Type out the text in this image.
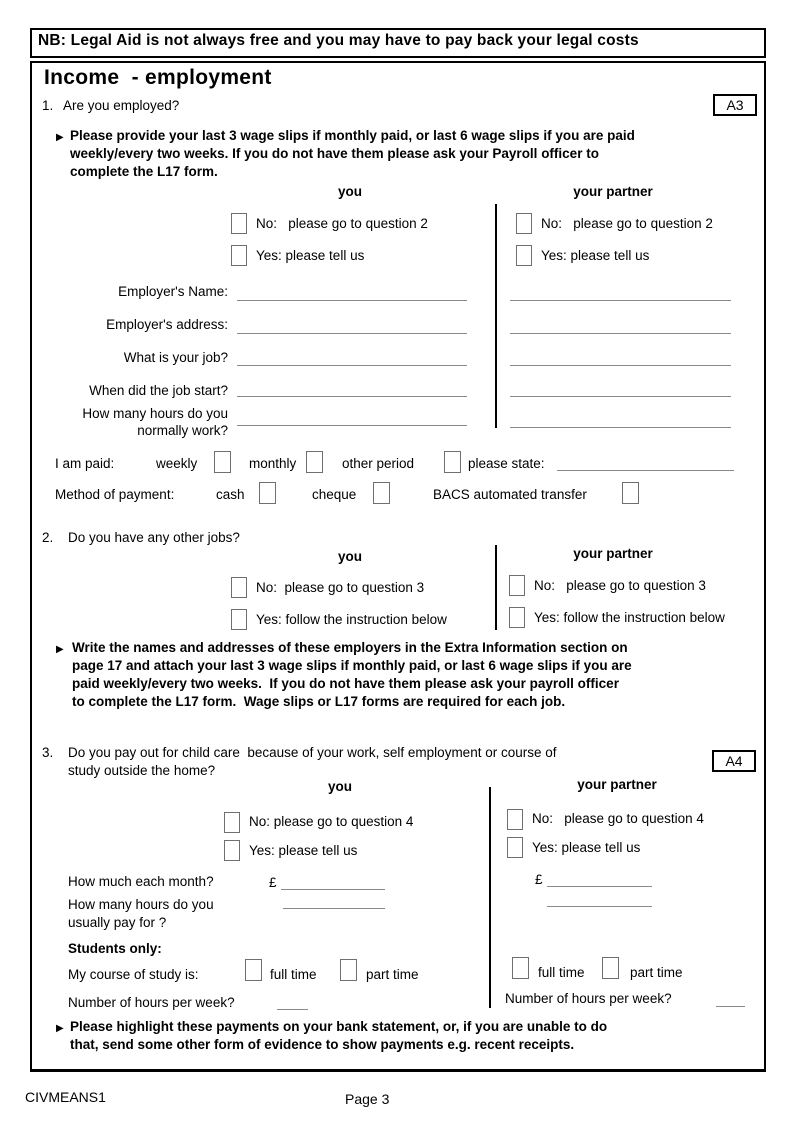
NB: Legal Aid is not always free and you may have to pay back your legal costs
Income  - employment
1. Are you employed?	A3
▶ Please provide your last 3 wage slips if monthly paid, or last 6 wage slips if you are paid
weekly/every two weeks. If you do not have them please ask your Payroll officer to
complete the L17 form.
you	your partner
No:   please go to question 2	No:   please go to question 2
Yes: please tell us	Yes: please tell us
Employer's Name:
Employer's address:
What is your job?
When did the job start?
How many hours do you
normally work?
I am paid:	weekly	monthly	other period	please state:
Method of payment:	cash	cheque	BACS automated transfer
2. Do you have any other jobs?
you	your partner
No:  please go to question 3	No:   please go to question 3
Yes: follow the instruction below	Yes: follow the instruction below
▶ Write the names and addresses of these employers in the Extra Information section on
page 17 and attach your last 3 wage slips if monthly paid, or last 6 wage slips if you are
paid weekly/every two weeks.  If you do not have them please ask your payroll officer
to complete the L17 form.  Wage slips or L17 forms are required for each job.
3. Do you pay out for child care  because of your work, self employment or course of
study outside the home?
A4
you	your partner
No: please go to question 4	No:   please go to question 4
Yes: please tell us	Yes: please tell us
How much each month?	£	£
How many hours do you
usually pay for ?
Students only:
My course of study is:	full time	part time	full time	part time
Number of hours per week?	Number of hours per week?
▶ Please highlight these payments on your bank statement, or, if you are unable to do
that, send some other form of evidence to show payments e.g. recent receipts.
CIVMEANS1	Page 3
